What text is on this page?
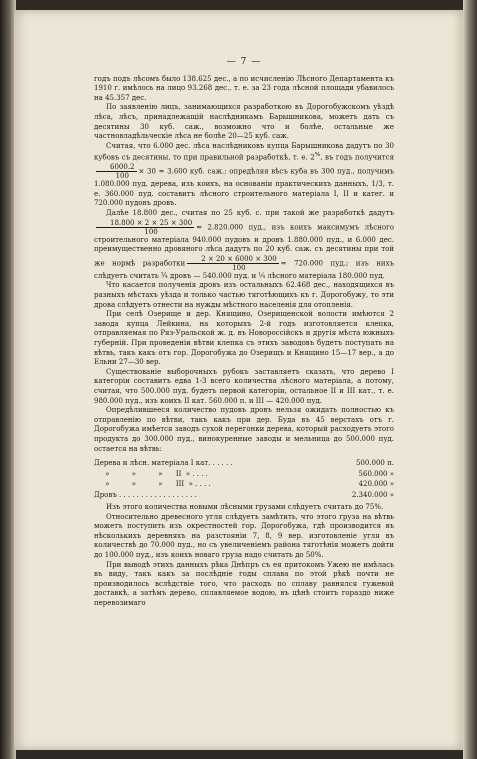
— 7 —

годъ подъ лѣсомъ было 138.625 дес., а по исчисленію Лѣсного Департамента къ 1910 г. имѣлось на лицо 93.268 дес., т. е. за 23 года лѣсной площади убавилось на 45.357 дес.

По заявленію лицъ, занимающихся разработкою въ Дорогобужскомъ уѣздѣ лѣса, лѣсъ, принадлежащій наслѣдникамъ Барышникова, можетъ дать съ десятины 30 куб. саж., возможно что и болѣе, остальные же частновладѣльческіе лѣса не болѣе 20—25 куб. саж.

Считая, что 6.000 дес. лѣса наслѣдниковъ купца Барышникова дадутъ по 30 кубовъ съ десятины, то при правильной разработкѣ, т. е. 2%, въ годъ получится
$\frac{6000.2}{100} \times 30 = 3.600$ куб. саж.; опредѣляя вѣсъ куба въ 300 пуд., получимъ 1.080.000 пуд. дерева, изъ коихъ, на основаніи практическихъ данныхъ, 1/3, т. е. 360.000 пуд. составитъ лѣсного строительного матеріала I, II и катег. и 720.000 пудовъ дровъ.

Далѣе 18.800 дес., считая по 25 куб. с. при такой же разработкѣ дадутъ
$\frac{18.800 \times 2 \times 25 \times 300}{100} = 2.820.000$ пуд., изъ коихъ максимумъ лѣсного строительного матеріала 940.000 пудовъ и дровъ 1.880.000 пуд., и 6.000 дес. преимущественно дровяного лѣса дадутъ по 20 куб. саж. съ десятины при той же нормѣ разработки $\frac{2 \times 20 \times 6000 \times 300}{100} = 720.000$ пуд.; изъ нихъ слѣдуетъ считать ¾ дровъ — 540.000 пуд. и ¼ лѣсного матеріала 180.000 пуд.

Что касается полученія дровъ изъ остальныхъ 62.468 дес., находящихся въ разныхъ мѣстахъ уѣзда и только частью тяготѣющихъ къ г. Дорогобужу, то эти дрова слѣдуетъ отнести на нужды мѣстного населенія для отопленія.

При селѣ Озерище и дер. Княщино, Озерищенской волости имѣются 2 завода купца Лейкина, на которыхъ 2-й годъ изготовляется клепка, отправляемая по Ряз-Уральской ж. д. въ Новороссійскъ и другія мѣста южныхъ губерній. При проведеніи вѣтви клепка съ этихъ заводовъ будетъ поступать на вѣтвь, такъ какъ отъ гор. Дорогобужа до Озерищъ и Княщино 15—17 вер., а до Ельни 27—30 вер.

Существованіе выборочныхъ рубокъ заставляетъ сказать, что дерево I категоріи составитъ едва 1-3 всего количества лѣсного матеріала, а потому, считая, что 500.000 пуд. будетъ первой категоріи, остальное II и III кат., т. е. 980.000 пуд., изъ коихъ II кат. 560.000 п. и III — 420.000 пуд.

Опредѣлившееся количество пудовъ дровъ нельзя ожидать полностью къ отправленію по вѣтви, такъ какъ при дер. Буда въ 45 верстахъ отъ г. Дорогобужа имѣется заводъ сухой перегонки дерева, который расходуетъ этого продукта до 300.000 пуд., винокуренные заводы и мельница до 500.000 пуд. остается на вѣтвь:

Дерева и лѣсн. матеріала I кат. . . . . .	500.000 п.
»          »          »      II  » . . . .	560.000 »
»          »          »      III  » . . . .	420.000 »
Дровъ . . . . . . . . . . . . . . . . . .	2.340.000 »

Изъ этого количества новыми лѣсными грузами слѣдуетъ считать до 75%.

Относительно древесного угля слѣдуетъ замѣтить, что этого груза на вѣтвь можетъ поступить изъ окрестностей гор. Дорогобужа, гдѣ производится въ нѣсколькихъ деревняхъ на разстояніи 7, 8, 9 вер. изготовленіе угля въ количествѣ до 70.000 пуд., но съ увеличеніемъ района тяготѣнія можетъ дойти до 100.000 пуд., изъ коихъ новаго груза надо считать до 50%.

При выводѣ этихъ данныхъ рѣка Днѣпръ съ ея притокомъ Ужею не имѣлась въ виду, такъ какъ за послѣдніе годы сплава по этой рѣкѣ почти не производилось вслѣдствіе того, что расходъ по сплаву равнялся гужевой доставкѣ, а затѣмъ дерево, сплавляемое водою, въ цѣнѣ стоитъ гораздо ниже перевозимаго
